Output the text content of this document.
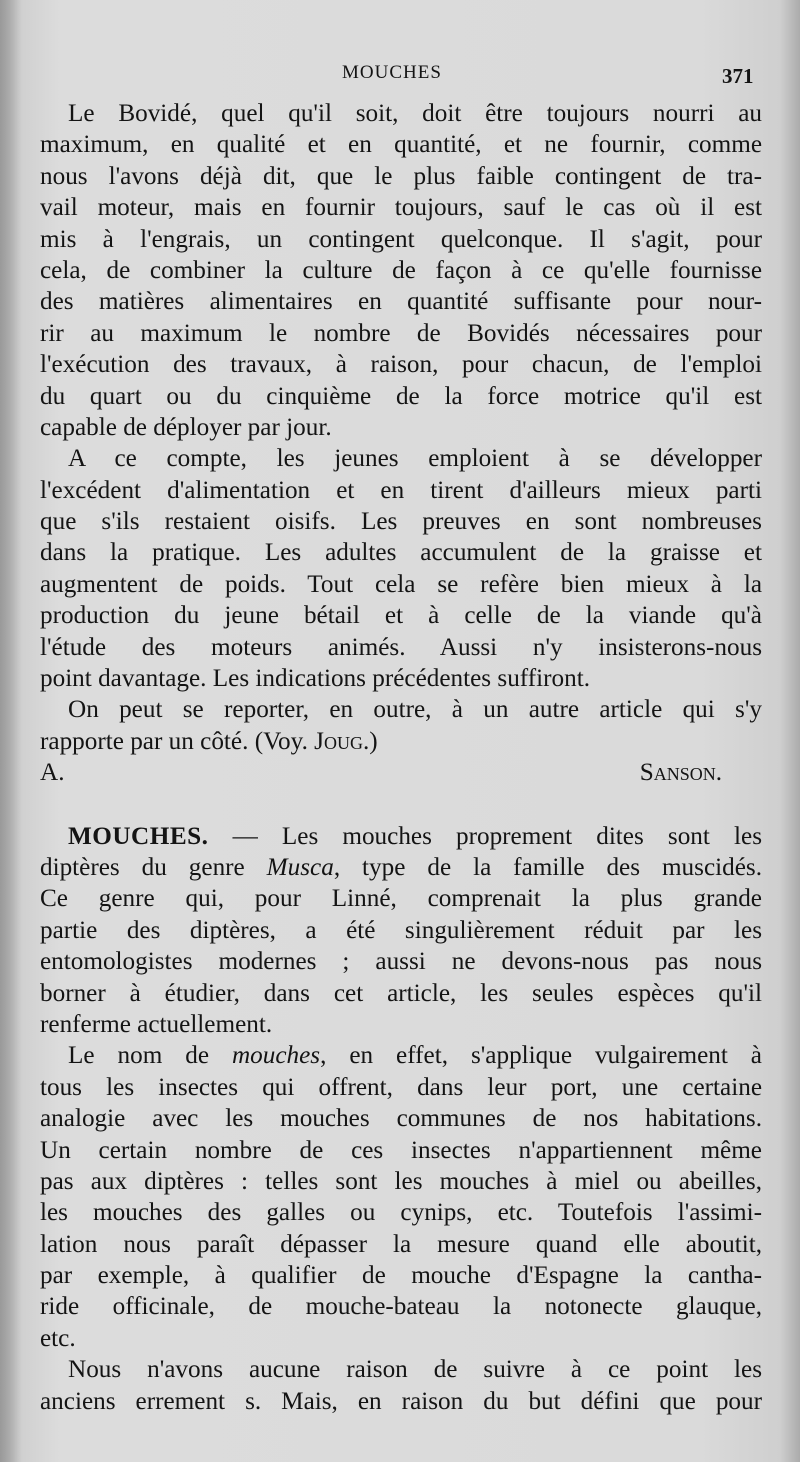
MOUCHES	371
Le Bovidé, quel qu'il soit, doit être toujours nourri au
maximum, en qualité et en quantité, et ne fournir, comme
nous l'avons déjà dit, que le plus faible contingent de tra-
vail moteur, mais en fournir toujours, sauf le cas où il est
mis à l'engrais, un contingent quelconque. Il s'agit, pour
cela, de combiner la culture de façon à ce qu'elle fournisse
des matières alimentaires en quantité suffisante pour nour-
rir au maximum le nombre de Bovidés nécessaires pour
l'exécution des travaux, à raison, pour chacun, de l'emploi
du quart ou du cinquième de la force motrice qu'il est
capable de déployer par jour.
A ce compte, les jeunes emploient à se développer
l'excédent d'alimentation et en tirent d'ailleurs mieux parti
que s'ils restaient oisifs. Les preuves en sont nombreuses
dans la pratique. Les adultes accumulent de la graisse et
augmentent de poids. Tout cela se refère bien mieux à la
production du jeune bétail et à celle de la viande qu'à
l'étude des moteurs animés. Aussi n'y insisterons-nous
point davantage. Les indications précédentes suffiront.
On peut se reporter, en outre, à un autre article qui s'y
rapporte par un côté. (Voy. Joug.)
A. Sanson.
MOUCHES. — Les mouches proprement dites sont les
diptères du genre Musca, type de la famille des muscidés.
Ce genre qui, pour Linné, comprenait la plus grande
partie des diptères, a été singulièrement réduit par les
entomologistes modernes ; aussi ne devons-nous pas nous
borner à étudier, dans cet article, les seules espèces qu'il
renferme actuellement.
Le nom de mouches, en effet, s'applique vulgairement à
tous les insectes qui offrent, dans leur port, une certaine
analogie avec les mouches communes de nos habitations.
Un certain nombre de ces insectes n'appartiennent même
pas aux diptères : telles sont les mouches à miel ou abeilles,
les mouches des galles ou cynips, etc. Toutefois l'assimi-
lation nous paraît dépasser la mesure quand elle aboutit,
par exemple, à qualifier de mouche d'Espagne la cantha-
ride officinale, de mouche-bateau la notonecte glauque,
etc.
Nous n'avons aucune raison de suivre à ce point les
anciens errement s. Mais, en raison du but défini que pour
